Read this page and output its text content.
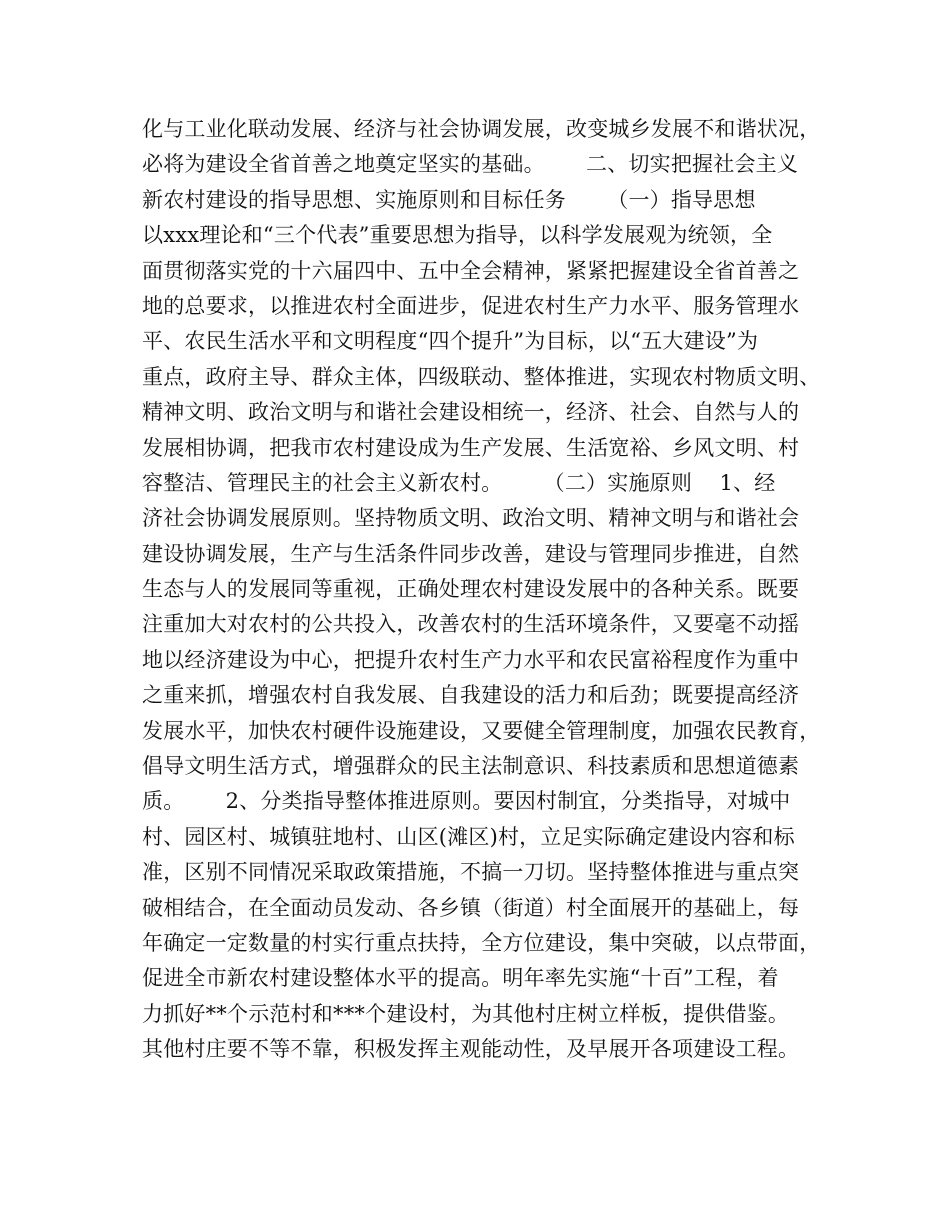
化与工业化联动发展、经济与社会协调发展，改变城乡发展不和谐状况，
必将为建设全省首善之地奠定坚实的基础。      二、切实把握社会主义
新农村建设的指导思想、实施原则和目标任务      （一）指导思想
以xxx理论和“三个代表”重要思想为指导，以科学发展观为统领，全
面贯彻落实党的十六届四中、五中全会精神，紧紧把握建设全省首善之
地的总要求，以推进农村全面进步，促进农村生产力水平、服务管理水
平、农民生活水平和文明程度“四个提升”为目标，以“五大建设”为
重点，政府主导、群众主体，四级联动、整体推进，实现农村物质文明、
精神文明、政治文明与和谐社会建设相统一，经济、社会、自然与人的
发展相协调，把我市农村建设成为生产发展、生活宽裕、乡风文明、村
容整洁、管理民主的社会主义新农村。      （二）实施原则    1、经
济社会协调发展原则。坚持物质文明、政治文明、精神文明与和谐社会
建设协调发展，生产与生活条件同步改善，建设与管理同步推进，自然
生态与人的发展同等重视，正确处理农村建设发展中的各种关系。既要
注重加大对农村的公共投入，改善农村的生活环境条件，又要毫不动摇
地以经济建设为中心，把提升农村生产力水平和农民富裕程度作为重中
之重来抓，增强农村自我发展、自我建设的活力和后劲；既要提高经济
发展水平，加快农村硬件设施建设，又要健全管理制度，加强农民教育，
倡导文明生活方式，增强群众的民主法制意识、科技素质和思想道德素
质。      2、分类指导整体推进原则。要因村制宜，分类指导，对城中
村、园区村、城镇驻地村、山区(滩区)村，立足实际确定建设内容和标
准，区别不同情况采取政策措施，不搞一刀切。坚持整体推进与重点突
破相结合，在全面动员发动、各乡镇（街道）村全面展开的基础上，每
年确定一定数量的村实行重点扶持，全方位建设，集中突破，以点带面，
促进全市新农村建设整体水平的提高。明年率先实施“十百”工程，着
力抓好**个示范村和***个建设村，为其他村庄树立样板，提供借鉴。
其他村庄要不等不靠，积极发挥主观能动性，及早展开各项建设工程。
